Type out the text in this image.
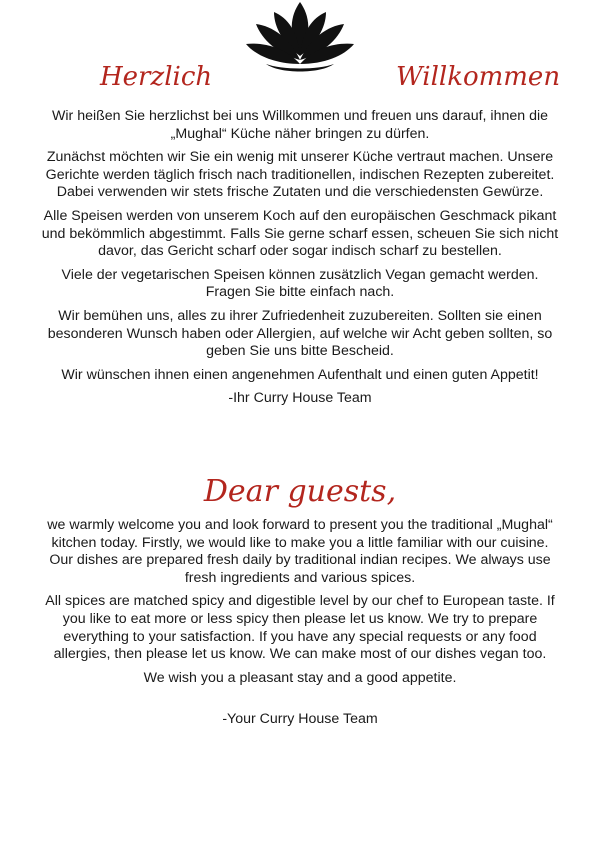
Herzlich	Willkommen

Wir heißen Sie herzlichst bei uns Willkommen und freuen uns darauf, ihnen die „Mughal“ Küche näher bringen zu dürfen.

Zunächst möchten wir Sie ein wenig mit unserer Küche vertraut machen. Unsere Gerichte werden täglich frisch nach traditionellen, indischen Rezepten zubereitet. Dabei verwenden wir stets frische Zutaten und die verschiedensten Gewürze.

Alle Speisen werden von unserem Koch auf den europäischen Geschmack pikant und bekömmlich abgestimmt. Falls Sie gerne scharf essen, scheuen Sie sich nicht davor, das Gericht scharf oder sogar indisch scharf zu bestellen.

Viele der vegetarischen Speisen können zusätzlich Vegan gemacht werden. Fragen Sie bitte einfach nach.

Wir bemühen uns, alles zu ihrer Zufriedenheit zuzubereiten. Sollten sie einen besonderen Wunsch haben oder Allergien, auf welche wir Acht geben sollten, so geben Sie uns bitte Bescheid.

Wir wünschen ihnen einen angenehmen Aufenthalt und einen guten Appetit!

-Ihr Curry House Team

Dear guests,

we warmly welcome you and look forward to present you the traditional „Mughal“ kitchen today. Firstly, we would like to make you a little familiar with our cuisine. Our dishes are prepared fresh daily by traditional indian recipes. We always use fresh ingredients and various spices.

All spices are matched spicy and digestible level by our chef to European taste. If you like to eat more or less spicy then please let us know. We try to prepare everything to your satisfaction. If you have any special requests or any food allergies, then please let us know. We can make most of our dishes vegan too.

We wish you a pleasant stay and a good appetite.

-Your Curry House Team
